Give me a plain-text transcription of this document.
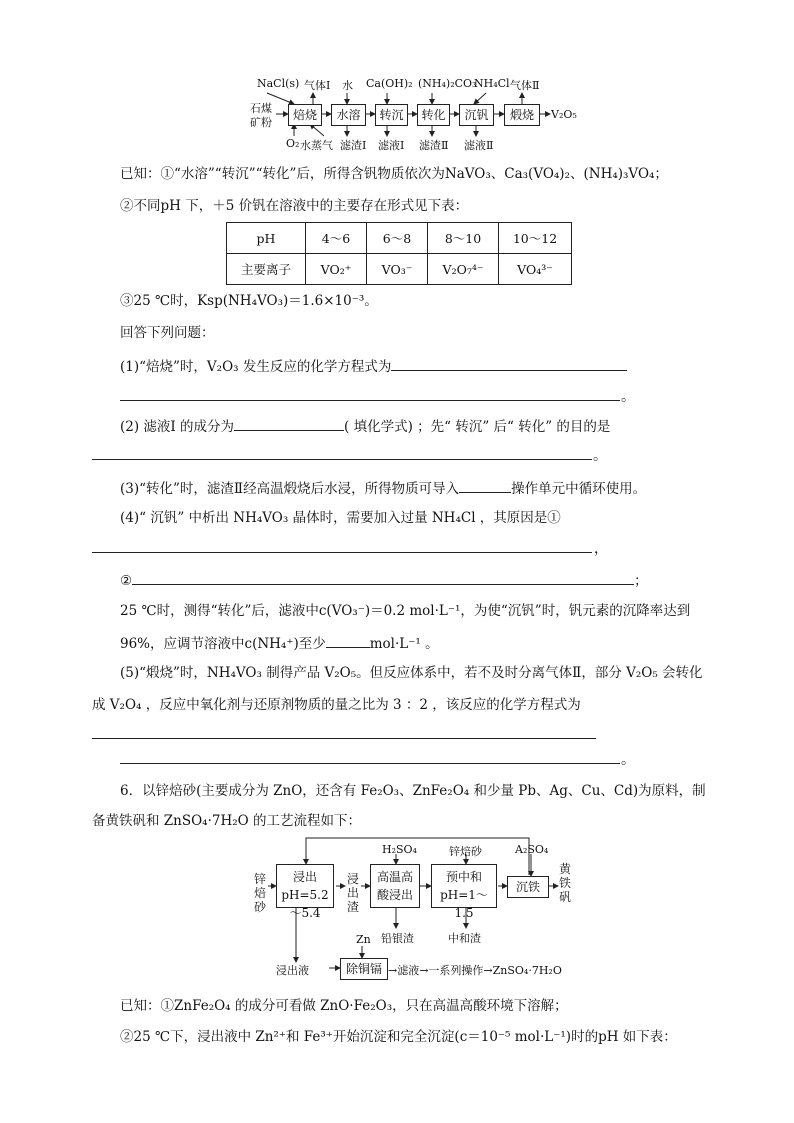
NaCl(s) 气体Ⅰ 水 Ca(OH)₂ (NH₄)₂CO₃
NH₄Cl 气体Ⅱ
石煤
矿粉
焙烧	水溶	转沉	转化	沉钒	煅烧	V₂O₅
O₂ 水蒸气 滤渣Ⅰ 滤液Ⅰ 滤渣Ⅱ 滤液Ⅱ
已知：①“水溶”“转沉”“转化”后，所得含钒物质依次为NaVO₃、Ca₃(VO₄)₂、(NH₄)₃VO₄；
②不同pH 下，＋5 价钒在溶液中的主要存在形式见下表：
pH	4～6	6～8	8～10	10～12
主要离子	VO₂⁺	VO₃⁻	V₂O₇⁴⁻	VO₄³⁻
③25 ℃时，Ksp(NH₄VO₃)＝1.6×10⁻³。
回答下列问题：
(1)“焙烧”时，V₂O₃ 发生反应的化学方程式为
。
(2) 滤液Ⅰ 的成分为	( 填化学式) ；先“ 转沉” 后“ 转化” 的目的是
。
(3)“转化”时，滤渣Ⅱ经高温煅烧后水浸，所得物质可导入	操作单元中循环使用。
(4)“ 沉钒” 中析出 NH₄VO₃ 晶体时，需要加入过量 NH₄Cl ，其原因是①
，
②	；
25 ℃时，测得“转化”后，滤液中c(VO₃⁻)＝0.2 mol·L⁻¹，为使“沉钒”时，钒元素的沉降率达到
96%，应调节溶液中c(NH₄⁺)至少	mol·L⁻¹ 。
(5)“煅烧”时，NH₄VO₃ 制得产品 V₂O₅。但反应体系中，若不及时分离气体Ⅱ，部分 V₂O₅ 会转化
成 V₂O₄ ，反应中氧化剂与还原剂物质的量之比为 3 ：2 ，该反应的化学方程式为
。
6．以锌焙砂(主要成分为 ZnO，还含有 Fe₂O₃、ZnFe₂O₄ 和少量 Pb、Ag、Cu、Cd)为原料，制
备黄铁矾和 ZnSO₄·7H₂O 的工艺流程如下：
锌焙砂
浸出
pH=5.2～5.4
浸出渣
H₂SO₄
高温高
酸浸出
锌焙砂
预中和
pH=1～1.5
A₂SO₄
沉铁
黄铁矾
铅银渣	中和渣
Zn
浸出液	除铜镉 →滤液→一系列操作→ZnSO₄·7H₂O
已知：①ZnFe₂O₄ 的成分可看做 ZnO·Fe₂O₃，只在高温高酸环境下溶解；
②25 ℃下，浸出液中 Zn²⁺和 Fe³⁺开始沉淀和完全沉淀(c＝10⁻⁵ mol·L⁻¹)时的pH 如下表：
